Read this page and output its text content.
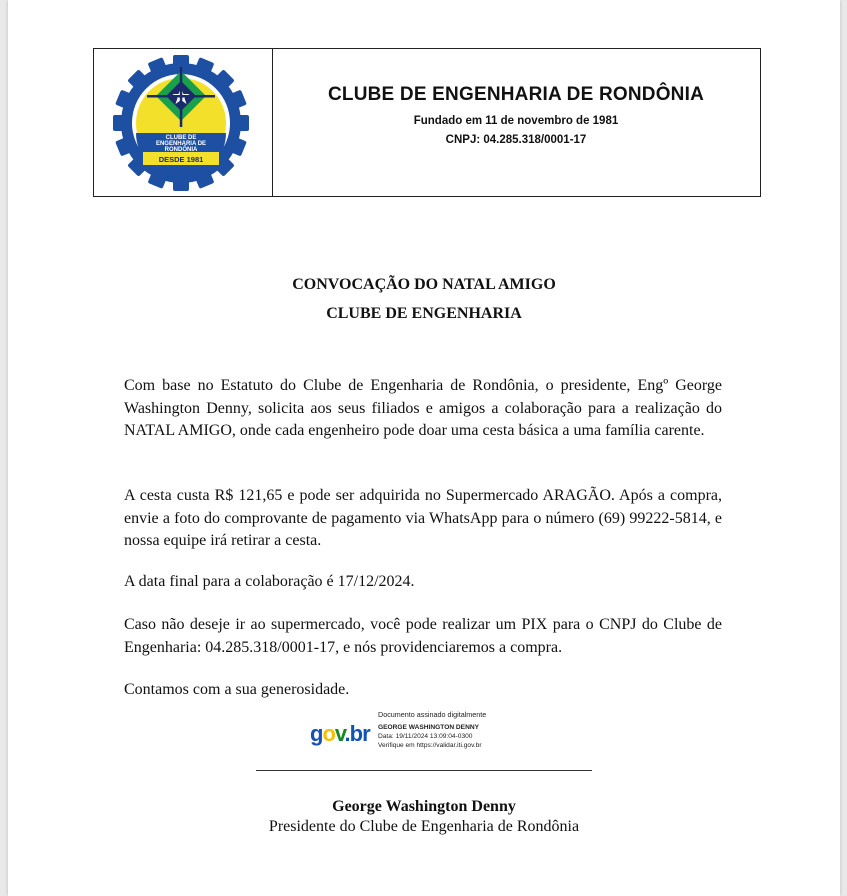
CLUBE DE
ENGENHARIA DE
RONDÔNIA
DESDE 1981
CLUBE DE ENGENHARIA DE RONDÔNIA
Fundado em 11 de novembro de 1981
CNPJ: 04.285.318/0001-17
CONVOCAÇÃO DO NATAL AMIGO
CLUBE DE ENGENHARIA

Com base no Estatuto do Clube de Engenharia de Rondônia, o presidente, Engº George Washington Denny, solicita aos seus filiados e amigos a colaboração para a realização do NATAL AMIGO, onde cada engenheiro pode doar uma cesta básica a uma família carente.

A cesta custa R$ 121,65 e pode ser adquirida no Supermercado ARAGÃO. Após a compra, envie a foto do comprovante de pagamento via WhatsApp para o número (69) 99222-5814, e nossa equipe irá retirar a cesta.

A data final para a colaboração é 17/12/2024.

Caso não deseje ir ao supermercado, você pode realizar um PIX para o CNPJ do Clube de Engenharia: 04.285.318/0001-17, e nós providenciaremos a compra.

Contamos com a sua generosidade.

gov.br
Documento assinado digitalmente
GEORGE WASHINGTON DENNY
Data: 19/11/2024 13:09:04-0300
Verifique em https://validar.iti.gov.br
George Washington Denny
Presidente do Clube de Engenharia de Rondônia
